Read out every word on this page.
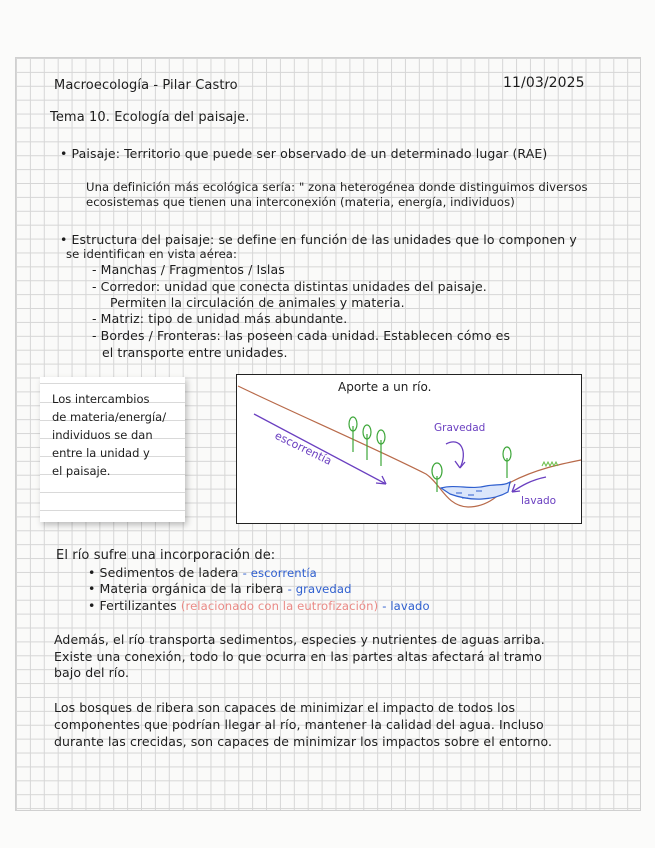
Macroecología - Pilar Castro	11/03/2025
Tema 10. Ecología del paisaje.
• Paisaje: Territorio que puede ser observado de un determinado lugar (RAE)
Una definición más ecológica sería: " zona heterogénea donde distinguimos diversos
ecosistemas que tienen una interconexión (materia, energía, individuos)
• Estructura del paisaje: se define en función de las unidades que lo componen y
se identifican en vista aérea:
- Manchas / Fragmentos / Islas
- Corredor: unidad que conecta distintas unidades del paisaje.
Permiten la circulación de animales y materia.
- Matriz: tipo de unidad más abundante.
- Bordes / Fronteras: las poseen cada unidad. Establecen cómo es
el transporte entre unidades.
Los intercambios
de materia/energía/
individuos se dan
entre la unidad y
el paisaje.
Aporte a un río.
escorrentía
Gravedad
lavado
El río sufre una incorporación de:
• Sedimentos de ladera - escorrentía
• Materia orgánica de la ribera - gravedad
• Fertilizantes (relacionado con la eutrofización) - lavado
Además, el río transporta sedimentos, especies y nutrientes de aguas arriba.
Existe una conexión, todo lo que ocurra en las partes altas afectará al tramo
bajo del río.
Los bosques de ribera son capaces de minimizar el impacto de todos los
componentes que podrían llegar al río, mantener la calidad del agua. Incluso
durante las crecidas, son capaces de minimizar los impactos sobre el entorno.
